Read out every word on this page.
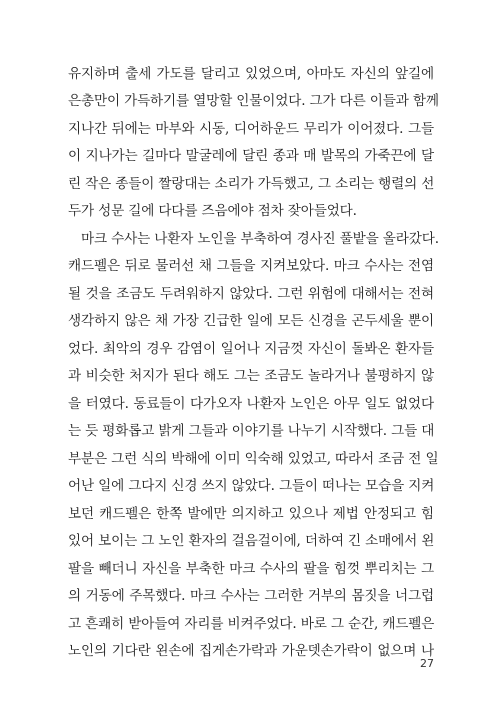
유지하며 출세 가도를 달리고 있었으며, 아마도 자신의 앞길에
은총만이 가득하기를 열망할 인물이었다. 그가 다른 이들과 함께
지나간 뒤에는 마부와 시동, 디어하운드 무리가 이어졌다. 그들
이 지나가는 길마다 말굴레에 달린 종과 매 발목의 가죽끈에 달
린 작은 종들이 짤랑대는 소리가 가득했고, 그 소리는 행렬의 선
두가 성문 길에 다다를 즈음에야 점차 잦아들었다.
마크 수사는 나환자 노인을 부축하여 경사진 풀밭을 올라갔다.
캐드펠은 뒤로 물러선 채 그들을 지켜보았다. 마크 수사는 전염
될 것을 조금도 두려워하지 않았다. 그런 위험에 대해서는 전혀
생각하지 않은 채 가장 긴급한 일에 모든 신경을 곤두세울 뿐이
었다. 최악의 경우 감염이 일어나 지금껏 자신이 돌봐온 환자들
과 비슷한 처지가 된다 해도 그는 조금도 놀라거나 불평하지 않
을 터였다. 동료들이 다가오자 나환자 노인은 아무 일도 없었다
는 듯 평화롭고 밝게 그들과 이야기를 나누기 시작했다. 그들 대
부분은 그런 식의 박해에 이미 익숙해 있었고, 따라서 조금 전 일
어난 일에 그다지 신경 쓰지 않았다. 그들이 떠나는 모습을 지켜
보던 캐드펠은 한쪽 발에만 의지하고 있으나 제법 안정되고 힘
있어 보이는 그 노인 환자의 걸음걸이에, 더하여 긴 소매에서 왼
팔을 빼더니 자신을 부축한 마크 수사의 팔을 힘껏 뿌리치는 그
의 거동에 주목했다. 마크 수사는 그러한 거부의 몸짓을 너그럽
고 흔쾌히 받아들여 자리를 비켜주었다. 바로 그 순간, 캐드펠은
노인의 기다란 왼손에 집게손가락과 가운뎃손가락이 없으며 나
27
